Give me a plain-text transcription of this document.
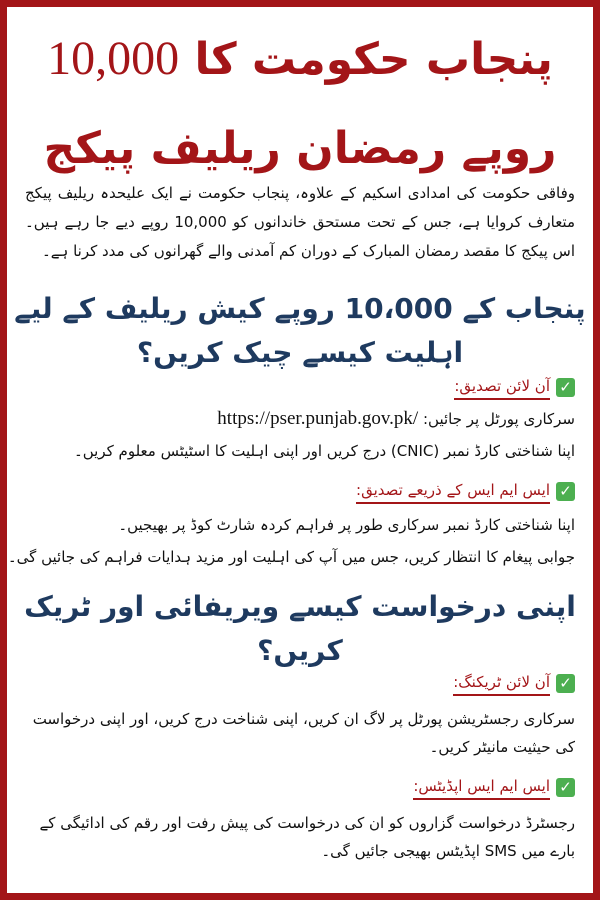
پنجاب حکومت کا 10,000
روپے رمضان ریلیف پیکج
وفاقی حکومت کی امدادی اسکیم کے علاوہ، پنجاب حکومت نے ایک علیحدہ ریلیف پیکج متعارف کروایا ہے، جس کے تحت مستحق خاندانوں کو 10,000 روپے دیے جا رہے ہیں۔ اس پیکج کا مقصد رمضان المبارک کے دوران کم آمدنی والے گھرانوں کی مدد کرنا ہے۔
پنجاب کے 10،000 روپے کیش ریلیف کے لیے اہلیت کیسے چیک کریں؟
✓
آن لائن تصدیق:
سرکاری پورٹل پر جائیں: https://pser.punjab.gov.pk/
اپنا شناختی کارڈ نمبر (CNIC) درج کریں اور اپنی اہلیت کا اسٹیٹس معلوم کریں۔
✓
ایس ایم ایس کے ذریعے تصدیق:
اپنا شناختی کارڈ نمبر سرکاری طور پر فراہم کردہ شارٹ کوڈ پر بھیجیں۔
جوابی پیغام کا انتظار کریں، جس میں آپ کی اہلیت اور مزید ہدایات فراہم کی جائیں گی۔
اپنی درخواست کیسے ویریفائی اور ٹریک کریں؟
✓
آن لائن ٹریکنگ:
سرکاری رجسٹریشن پورٹل پر لاگ ان کریں، اپنی شناخت درج کریں، اور اپنی درخواست کی حیثیت مانیٹر کریں۔
✓
ایس ایم ایس اپڈیٹس:
رجسٹرڈ درخواست گزاروں کو ان کی درخواست کی پیش رفت اور رقم کی ادائیگی کے بارے میں SMS اپڈیٹس بھیجی جائیں گی۔
